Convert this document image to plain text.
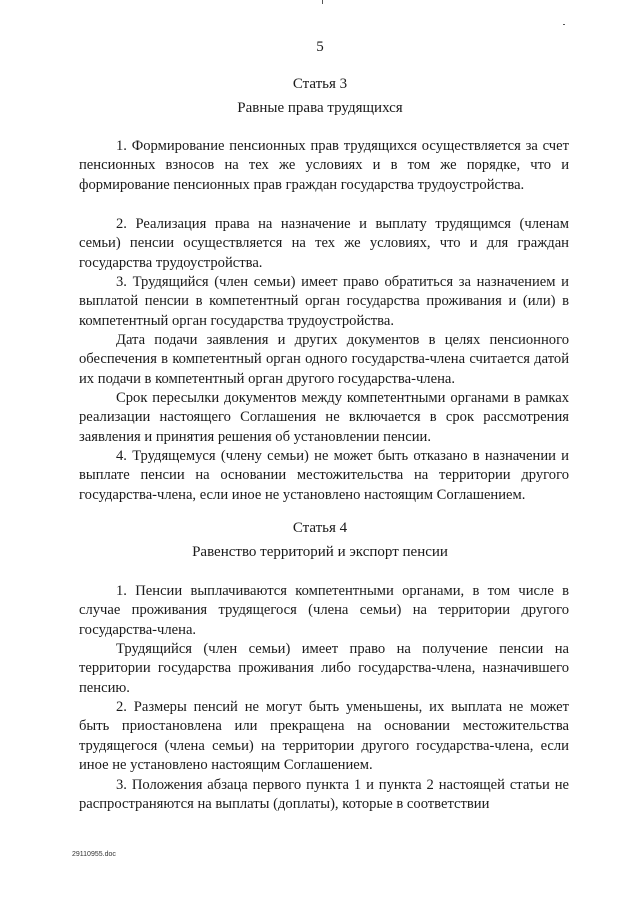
5
Статья 3
Равные права трудящихся

1. Формирование пенсионных прав трудящихся осуществляется за счет пенсионных взносов на тех же условиях и в том же порядке, что и формирование пенсионных прав граждан государства трудоустройства.

2. Реализация права на назначение и выплату трудящимся (членам семьи) пенсии осуществляется на тех же условиях, что и для граждан государства трудоустройства.

3. Трудящийся (член семьи) имеет право обратиться за назначением и выплатой пенсии в компетентный орган государства проживания и (или) в компетентный орган государства трудоустройства.

Дата подачи заявления и других документов в целях пенсионного обеспечения в компетентный орган одного государства-члена считается датой их подачи в компетентный орган другого государства-члена.

Срок пересылки документов между компетентными органами в рамках реализации настоящего Соглашения не включается в срок рассмотрения заявления и принятия решения об установлении пенсии.

4. Трудящемуся (члену семьи) не может быть отказано в назначении и выплате пенсии на основании местожительства на территории другого государства-члена, если иное не установлено настоящим Соглашением.

Статья 4
Равенство территорий и экспорт пенсии

1. Пенсии выплачиваются компетентными органами, в том числе в случае проживания трудящегося (члена семьи) на территории другого государства-члена.

Трудящийся (член семьи) имеет право на получение пенсии на территории государства проживания либо государства-члена, назначившего пенсию.

2. Размеры пенсий не могут быть уменьшены, их выплата не может быть приостановлена или прекращена на основании местожительства трудящегося (члена семьи) на территории другого государства-члена, если иное не установлено настоящим Соглашением.

3. Положения абзаца первого пункта 1 и пункта 2 настоящей статьи не распространяются на выплаты (доплаты), которые в соответствии

29110955.doc
